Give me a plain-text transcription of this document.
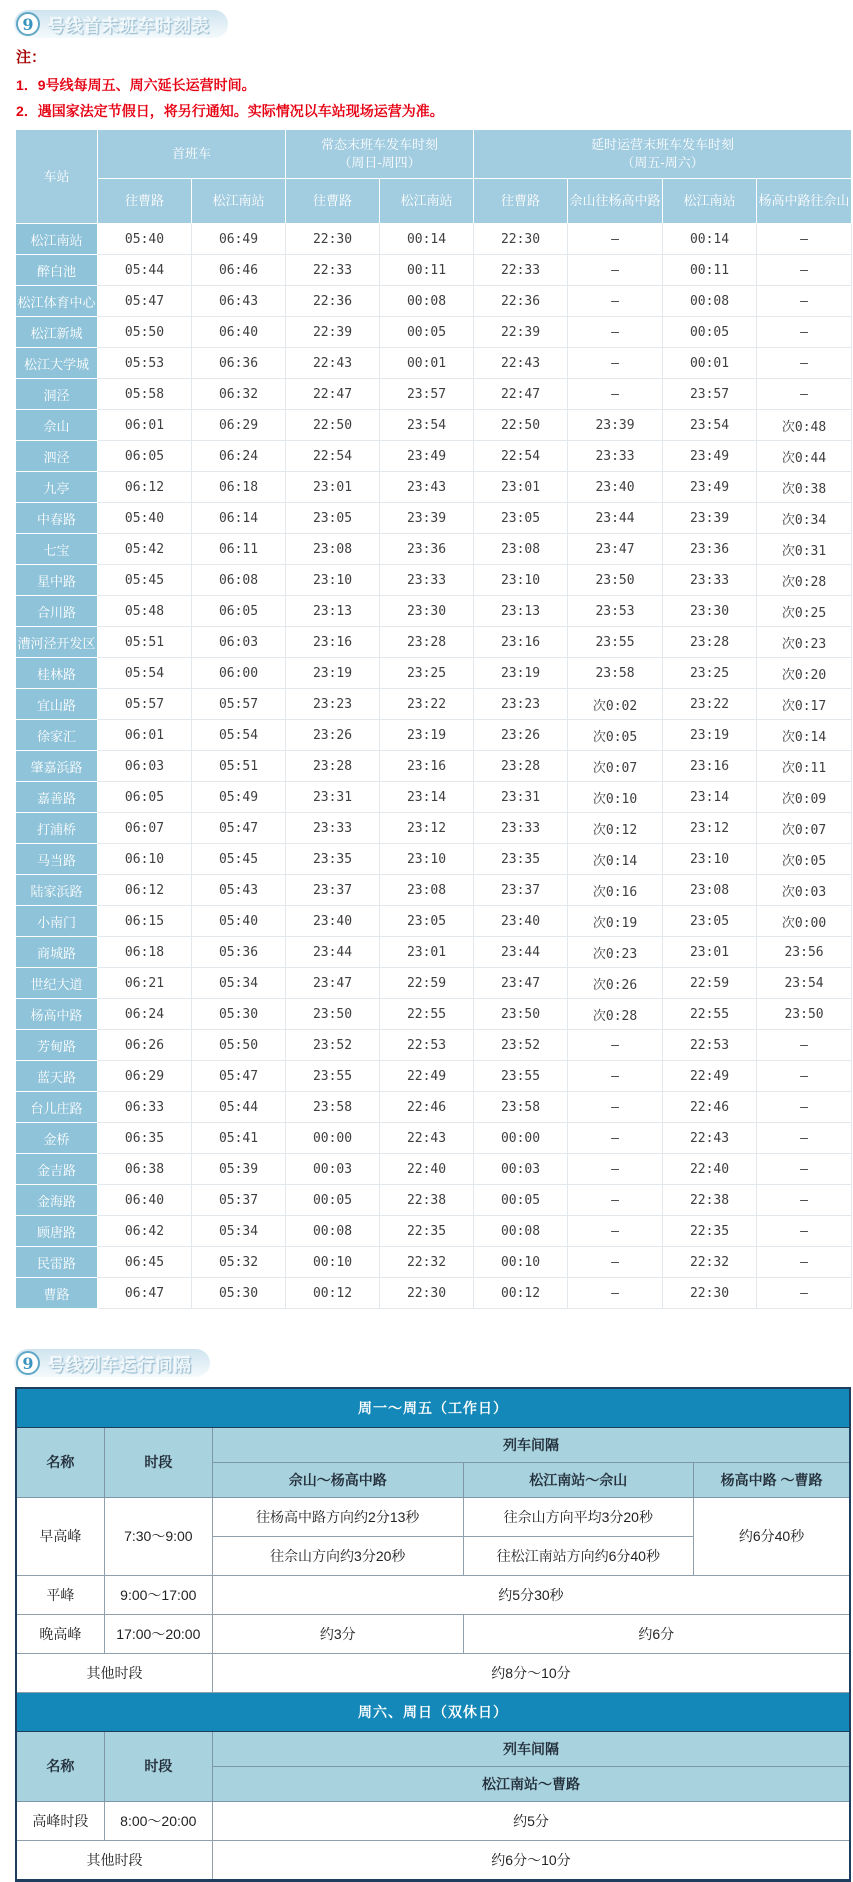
9 号线首末班车时刻表
注：
1．9号线每周五、周六延长运营时间。
2．遇国家法定节假日，将另行通知。实际情况以车站现场运营为准。
车站	首班车	
常态末班车发车时刻
（周日-周四）

延时运营末班车发车时刻
（周五-周六）

	往曹路	松江南站	往曹路	松江南站	往曹路	佘山往杨高中路	松江南站	杨高中路往佘山
松江南站	05:40	06:49	22:30	00:14	22:30	—	00:14	—
醉白池	05:44	06:46	22:33	00:11	22:33	—	00:11	—
松江体育中心	05:47	06:43	22:36	00:08	22:36	—	00:08	—
松江新城	05:50	06:40	22:39	00:05	22:39	—	00:05	—
松江大学城	05:53	06:36	22:43	00:01	22:43	—	00:01	—
洞泾	05:58	06:32	22:47	23:57	22:47	—	23:57	—
佘山	06:01	06:29	22:50	23:54	22:50	23:39	23:54	次0:48
泗泾	06:05	06:24	22:54	23:49	22:54	23:33	23:49	次0:44
九亭	06:12	06:18	23:01	23:43	23:01	23:40	23:49	次0:38
中春路	05:40	06:14	23:05	23:39	23:05	23:44	23:39	次0:34
七宝	05:42	06:11	23:08	23:36	23:08	23:47	23:36	次0:31
星中路	05:45	06:08	23:10	23:33	23:10	23:50	23:33	次0:28
合川路	05:48	06:05	23:13	23:30	23:13	23:53	23:30	次0:25
漕河泾开发区	05:51	06:03	23:16	23:28	23:16	23:55	23:28	次0:23
桂林路	05:54	06:00	23:19	23:25	23:19	23:58	23:25	次0:20
宜山路	05:57	05:57	23:23	23:22	23:23	次0:02	23:22	次0:17
徐家汇	06:01	05:54	23:26	23:19	23:26	次0:05	23:19	次0:14
肇嘉浜路	06:03	05:51	23:28	23:16	23:28	次0:07	23:16	次0:11
嘉善路	06:05	05:49	23:31	23:14	23:31	次0:10	23:14	次0:09
打浦桥	06:07	05:47	23:33	23:12	23:33	次0:12	23:12	次0:07
马当路	06:10	05:45	23:35	23:10	23:35	次0:14	23:10	次0:05
陆家浜路	06:12	05:43	23:37	23:08	23:37	次0:16	23:08	次0:03
小南门	06:15	05:40	23:40	23:05	23:40	次0:19	23:05	次0:00
商城路	06:18	05:36	23:44	23:01	23:44	次0:23	23:01	23:56
世纪大道	06:21	05:34	23:47	22:59	23:47	次0:26	22:59	23:54
杨高中路	06:24	05:30	23:50	22:55	23:50	次0:28	22:55	23:50
芳甸路	06:26	05:50	23:52	22:53	23:52	—	22:53	—
蓝天路	06:29	05:47	23:55	22:49	23:55	—	22:49	—
台儿庄路	06:33	05:44	23:58	22:46	23:58	—	22:46	—
金桥	06:35	05:41	00:00	22:43	00:00	—	22:43	—
金吉路	06:38	05:39	00:03	22:40	00:03	—	22:40	—
金海路	06:40	05:37	00:05	22:38	00:05	—	22:38	—
顾唐路	06:42	05:34	00:08	22:35	00:08	—	22:35	—
民雷路	06:45	05:32	00:10	22:32	00:10	—	22:32	—
曹路	06:47	05:30	00:12	22:30	00:12	—	22:30	—
9 号线列车运行间隔
周一～周五（工作日）				
名称	时段	列车间隔		
		佘山～杨高中路	松江南站～佘山	杨高中路 ～曹路
早高峰	7:30～9:00	往杨高中路方向约2分13秒	往佘山方向平均3分20秒	约6分40秒
		往佘山方向约3分20秒	往松江南站方向约6分40秒	
平峰	9:00～17:00	约5分30秒		
晚高峰	17:00～20:00	约3分	约6分	
其他时段		约8分～10分		
周六、周日（双休日）				
名称	时段	列车间隔		
		松江南站～曹路		
高峰时段	8:00～20:00	约5分		
其他时段		约6分～10分		
